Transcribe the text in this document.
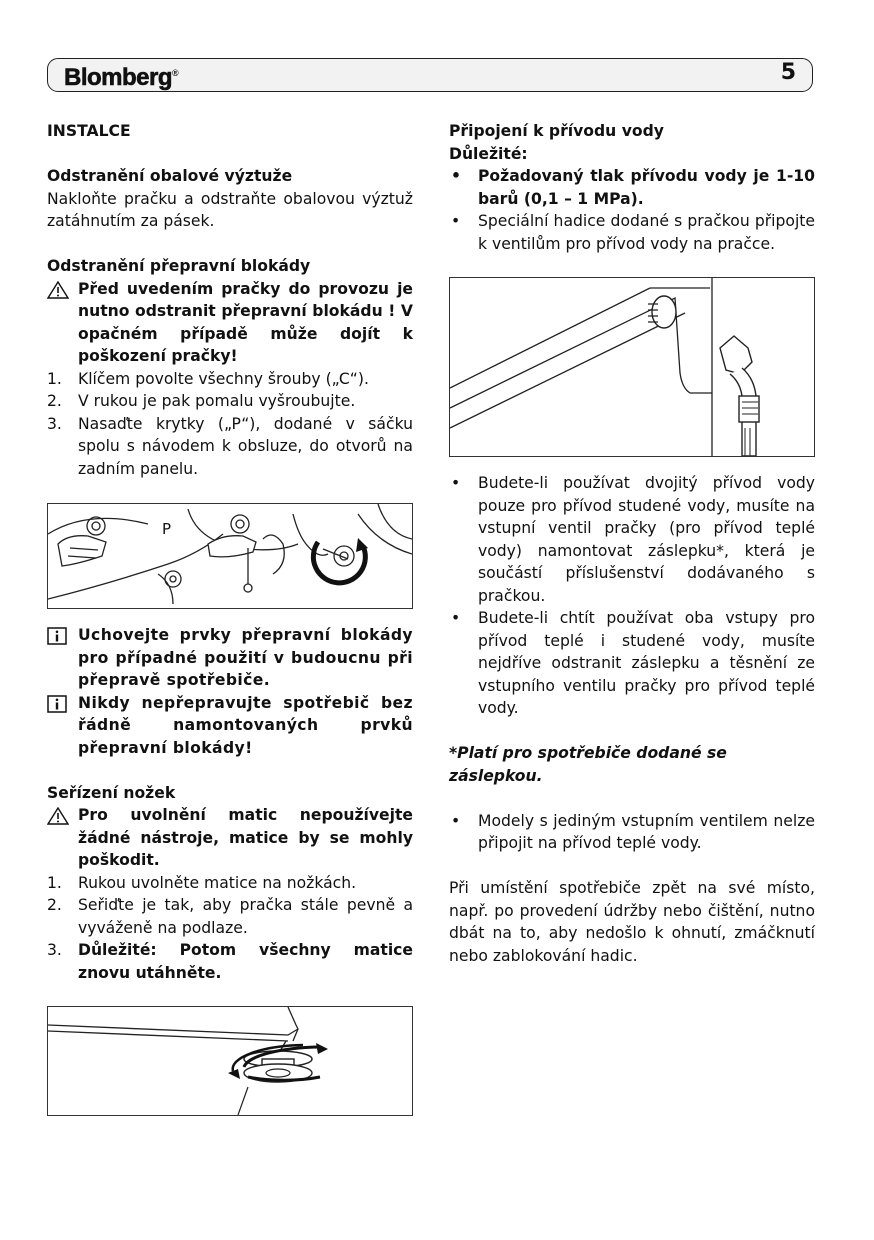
Blomberg®	5

INSTALCE

Odstranění obalové výztuže

Nakloňte pračku a odstraňte obalovou výztuž zatáhnutím za pásek.

Odstranění přepravní blokády

Před uvedením pračky do provozu je nutno odstranit přepravní blokádu ! V opačném případě může dojít k poškození pračky!
1. Klíčem povolte všechny šrouby („C“).
2. V rukou je pak pomalu vyšroubujte.
3. Nasaďte krytky („P“), dodané v sáčku spolu s návodem k obsluze, do otvorů na zadním panelu.
P
Uchovejte prvky přepravní blokády pro případné použití v budoucnu při přepravě spotřebiče.
Nikdy nepřepravujte spotřebič bez řádně namontovaných prvků přepravní blokády!

Seřízení nožek

Pro uvolnění matic nepoužívejte žádné nástroje, matice by se mohly poškodit.
1. Rukou uvolněte matice na nožkách.
2. Seřiďte je tak, aby pračka stále pevně a vyváženě na podlaze.
3. Důležité: Potom všechny matice znovu utáhněte.

Připojení k přívodu vody

Důležité:

• Požadovaný tlak přívodu vody je 1-10 barů (0,1 – 1 MPa).
• Speciální hadice dodané s pračkou připojte k ventilům pro přívod vody na pračce.
• Budete-li používat dvojitý přívod vody pouze pro přívod studené vody, musíte na vstupní ventil pračky (pro přívod teplé vody) namontovat záslepku*, která je součástí příslušenství dodávaného s pračkou.
• Budete-li chtít používat oba vstupy pro přívod teplé i studené vody, musíte nejdříve odstranit záslepku a těsnění ze vstupního ventilu pračky pro přívod teplé vody.

*Platí pro spotřebiče dodané se záslepkou.

• Modely s jediným vstupním ventilem nelze připojit na přívod teplé vody.

Při umístění spotřebiče zpět na své místo, např. po provedení údržby nebo čištění, nutno dbát na to, aby nedošlo k ohnutí, zmáčknutí nebo zablokování hadic.
